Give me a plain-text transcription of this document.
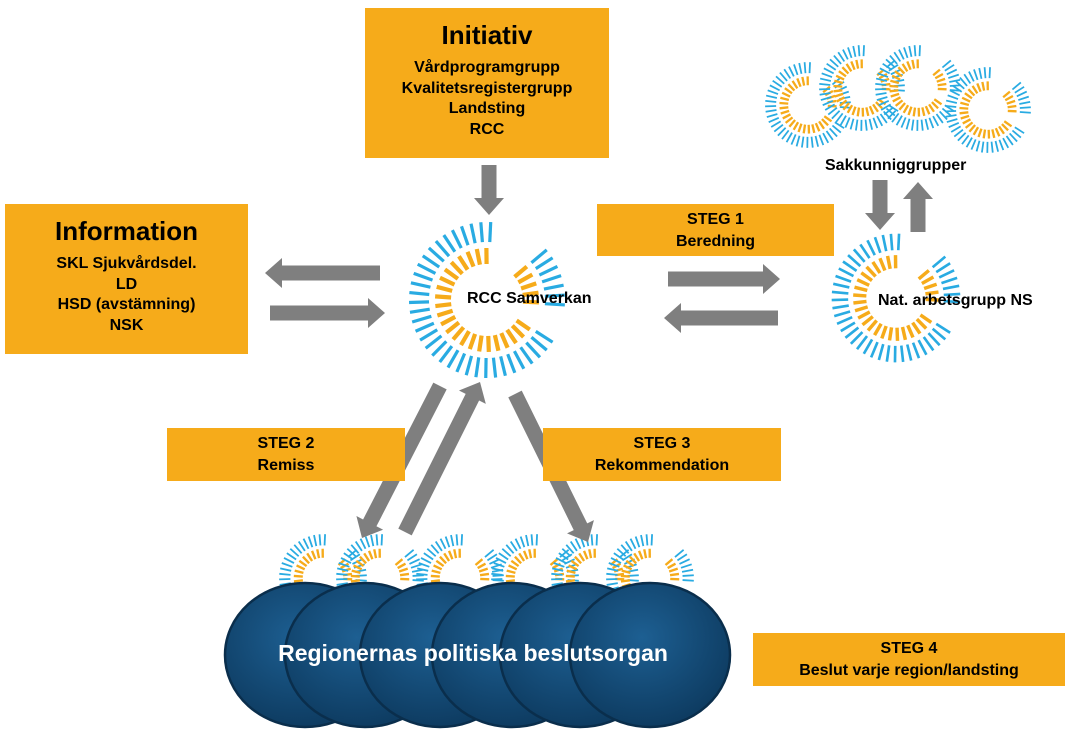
Initiativ
Vårdprogramgrupp
Kvalitetsregistergrupp
Landsting
RCC
Information
SKL Sjukvårdsdel.
LD
HSD (avstämning)
NSK
STEG 1
Beredning
STEG 2
Remiss
STEG 3
Rekommendation
STEG 4
Beslut varje region/landsting
RCC Samverkan
Sakkunniggrupper
Nat. arbetsgrupp NS
Regionernas politiska beslutsorgan
